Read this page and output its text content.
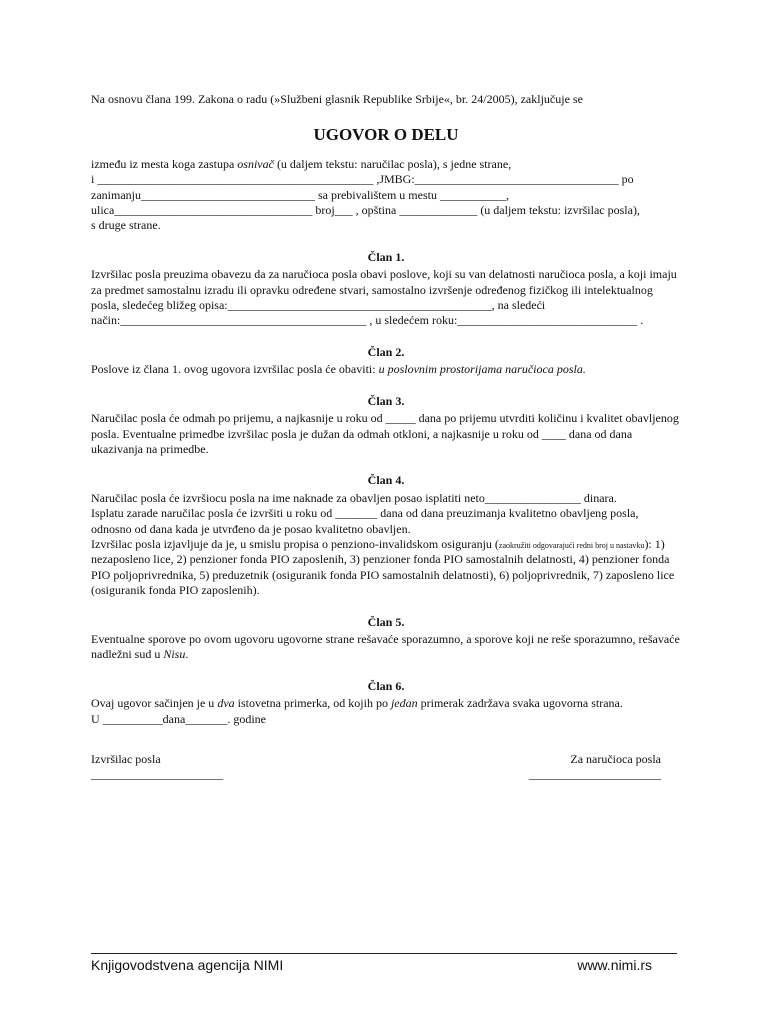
Na osnovu člana 199. Zakona o radu (»Službeni glasnik Republike Srbije«, br. 24/2005), zaključuje se

UGOVOR O DELU

između iz mesta koga zastupa osnivač (u daljem tekstu: naručilac posla), s jedne strane,

i ______________________________________________ ,JMBG:__________________________________ po

zanimanju_____________________________ sa prebivalištem u mestu ___________,

ulica_________________________________ broj___ , opština _____________ (u daljem tekstu: izvršilac posla),

s druge strane.

Član 1.

Izvršilac posla preuzima obavezu da za naručioca posla obavi poslove, koji su van delatnosti naručioca posla, a koji imaju za predmet samostalnu izradu ili opravku određene stvari, samostalno izvršenje određenog fizičkog ili intelektualnog posla, sledećeg bližeg opisa:____________________________________________, na sledeći način:_________________________________________ , u sledećem roku:______________________________ .

Član 2.

Poslove iz člana 1. ovog ugovora izvršilac posla će obaviti: u poslovnim prostorijama naručioca posla.

Član 3.

Naručilac posla će odmah po prijemu, a najkasnije u roku od _____ dana po prijemu utvrditi količinu i kvalitet obavljenog posla. Eventualne primedbe izvršilac posla je dužan da odmah otkloni, a najkasnije u roku od ____ dana od dana ukazivanja na primedbe.

Član 4.

Naručilac posla će izvršiocu posla na ime naknade za obavljen posao isplatiti neto________________ dinara.

Isplatu zarade naručilac posla će izvršiti u roku od _______ dana od dana preuzimanja kvalitetno obavljeng posla, odnosno od dana kada je utvrđeno da je posao kvalitetno obavljen.

Izvršilac posla izjavljuje da je, u smislu propisa o penziono-invalidskom osiguranju (zaokružiti odgovarajući redni broj u nastavku): 1) nezaposleno lice, 2) penzioner fonda PIO zaposlenih, 3) penzioner fonda PIO samostalnih delatnosti, 4) penzioner fonda PIO poljoprivrednika, 5) preduzetnik (osiguranik fonda PIO samostalnih delatnosti), 6) poljoprivrednik, 7) zaposleno lice (osiguranik fonda PIO zaposlenih).

Član 5.

Eventualne sporove po ovom ugovoru ugovorne strane rešavaće sporazumno, a sporove koji ne reše sporazumno, rešavaće nadležni sud u Nisu.

Član 6.

Ovaj ugovor sačinjen je u dva istovetna primerka, od kojih po jedan primerak zadržava svaka ugovorna strana.

U __________dana_______. godine

Izvršilac posla
______________________
Za naručioca posla
______________________
Knjigovodstvena agencija NIMI	www.nimi.rs
